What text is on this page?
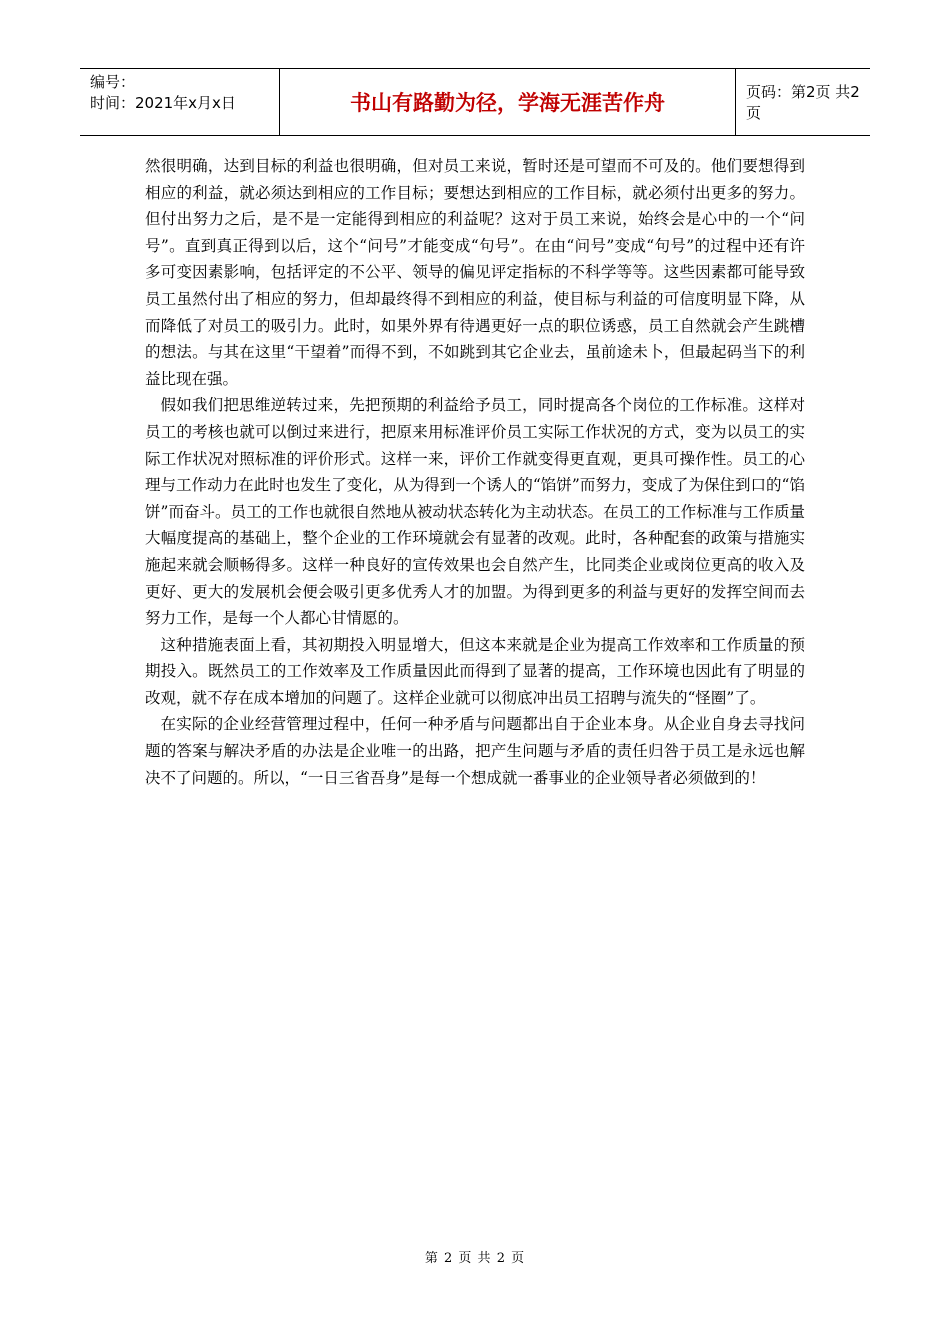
编号：
时间：2021年x月x日	书山有路勤为径，学海无涯苦作舟	页码：第2页 共2页

然很明确，达到目标的利益也很明确，但对员工来说，暂时还是可望而不可及的。他们要想得到相应的利益，就必须达到相应的工作目标；要想达到相应的工作目标，就必须付出更多的努力。但付出努力之后，是不是一定能得到相应的利益呢？这对于员工来说，始终会是心中的一个“问号”。直到真正得到以后，这个“问号”才能变成“句号”。在由“问号”变成“句号”的过程中还有许多可变因素影响，包括评定的不公平、领导的偏见评定指标的不科学等等。这些因素都可能导致员工虽然付出了相应的努力，但却最终得不到相应的利益，使目标与利益的可信度明显下降，从而降低了对员工的吸引力。此时，如果外界有待遇更好一点的职位诱惑，员工自然就会产生跳槽的想法。与其在这里“干望着”而得不到，不如跳到其它企业去，虽前途未卜，但最起码当下的利益比现在强。

假如我们把思维逆转过来，先把预期的利益给予员工，同时提高各个岗位的工作标准。这样对员工的考核也就可以倒过来进行，把原来用标准评价员工实际工作状况的方式，变为以员工的实际工作状况对照标准的评价形式。这样一来，评价工作就变得更直观，更具可操作性。员工的心理与工作动力在此时也发生了变化，从为得到一个诱人的“馅饼”而努力，变成了为保住到口的“馅饼”而奋斗。员工的工作也就很自然地从被动状态转化为主动状态。在员工的工作标准与工作质量大幅度提高的基础上，整个企业的工作环境就会有显著的改观。此时，各种配套的政策与措施实施起来就会顺畅得多。这样一种良好的宣传效果也会自然产生，比同类企业或岗位更高的收入及更好、更大的发展机会便会吸引更多优秀人才的加盟。为得到更多的利益与更好的发挥空间而去努力工作，是每一个人都心甘情愿的。

这种措施表面上看，其初期投入明显增大，但这本来就是企业为提高工作效率和工作质量的预期投入。既然员工的工作效率及工作质量因此而得到了显著的提高，工作环境也因此有了明显的改观，就不存在成本增加的问题了。这样企业就可以彻底冲出员工招聘与流失的“怪圈”了。

在实际的企业经营管理过程中，任何一种矛盾与问题都出自于企业本身。从企业自身去寻找问题的答案与解决矛盾的办法是企业唯一的出路，把产生问题与矛盾的责任归咎于员工是永远也解决不了问题的。所以，“一日三省吾身”是每一个想成就一番事业的企业领导者必须做到的！

第 2 页 共 2 页
